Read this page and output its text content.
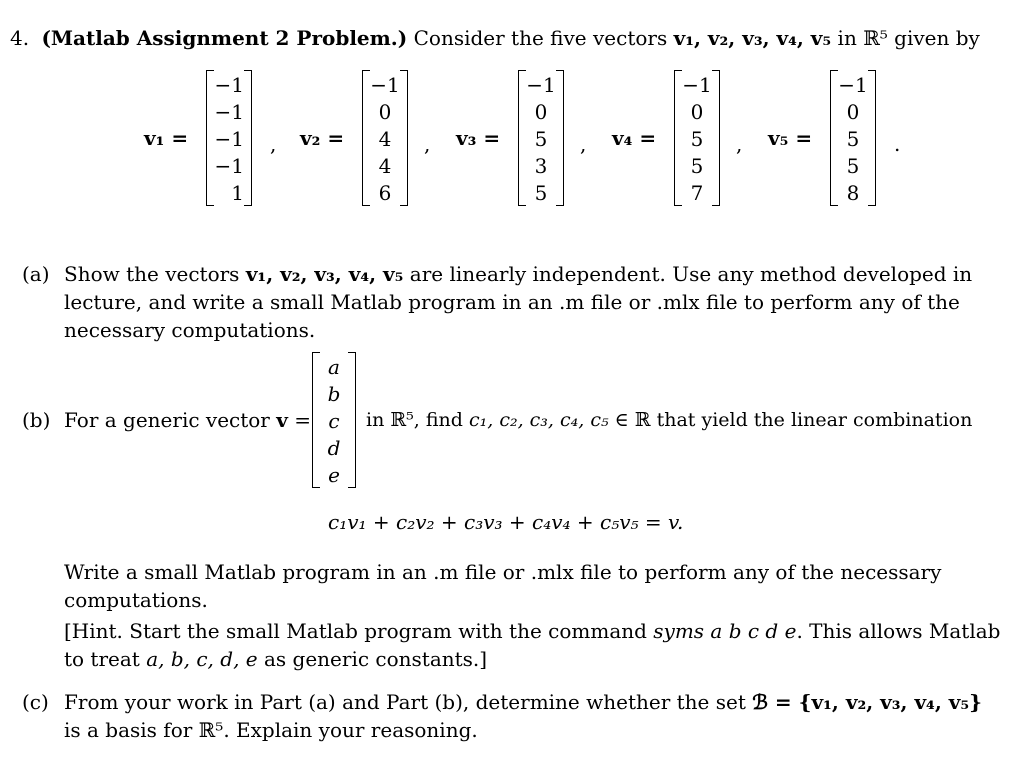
4. (Matlab Assignment 2 Problem.) Consider the five vectors v₁, v₂, v₃, v₄, v₅ in ℝ⁵ given by
v₁ =
−1
−1
−1
−1
1
, v₂ =
−1
0
4
4
6
, v₃ =
−1
0
5
3
5
, v₄ =
−1
0
5
5
7
, v₅ =
−1
0
5
5
8
.
(a) Show the vectors v₁, v₂, v₃, v₄, v₅ are linearly independent. Use any method developed in
lecture, and write a small Matlab program in an .m file or .mlx file to perform any of the
necessary computations.
(b) For a generic vector v =
a
b
c
d
e
in ℝ⁵, find c₁, c₂, c₃, c₄, c₅ ∈ ℝ that yield the linear combination
c₁v₁ + c₂v₂ + c₃v₃ + c₄v₄ + c₅v₅ = v.
Write a small Matlab program in an .m file or .mlx file to perform any of the necessary
computations.
[Hint. Start the small Matlab program with the command syms a b c d e. This allows Matlab
to treat a, b, c, d, e as generic constants.]
(c) From your work in Part (a) and Part (b), determine whether the set ℬ = {v₁, v₂, v₃, v₄, v₅}
is a basis for ℝ⁵. Explain your reasoning.
